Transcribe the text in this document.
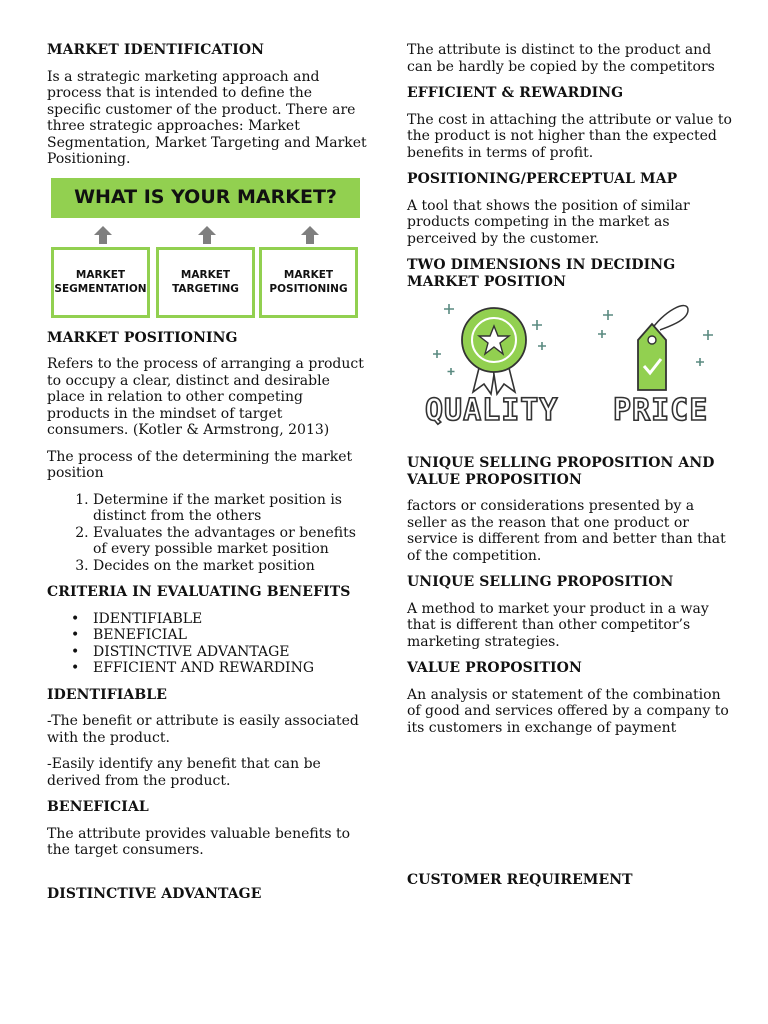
MARKET IDENTIFICATION

Is a strategic marketing approach and process that is intended to define the specific customer of the product. There are three strategic approaches: Market Segmentation, Market Targeting and Market Positioning.

WHAT IS YOUR MARKET?
MARKET SEGMENTATION
MARKET TARGETING
MARKET POSITIONING
MARKET POSITIONING

Refers to the process of arranging a product to occupy a clear, distinct and desirable place in relation to other competing products in the mindset of target consumers. (Kotler & Armstrong, 2013)

The process of the determining the market position

1. Determine if the market position is distinct from the others
2. Evaluates the advantages or benefits of every possible market position
3. Decides on the market position
CRITERIA IN EVALUATING BENEFITS
• IDENTIFIABLE
• BENEFICIAL
• DISTINCTIVE ADVANTAGE
• EFFICIENT AND REWARDING
IDENTIFIABLE

-The benefit or attribute is easily associated with the product.

-Easily identify any benefit that can be derived from the product.

BENEFICIAL

The attribute provides valuable benefits to the target consumers.

DISTINCTIVE ADVANTAGE

The attribute is distinct to the product and can be hardly be copied by the competitors

EFFICIENT & REWARDING

The cost in attaching the attribute or value to the product is not higher than the expected benefits in terms of profit.

POSITIONING/PERCEPTUAL MAP

A tool that shows the position of similar products competing in the market as perceived by the customer.

TWO DIMENSIONS IN DECIDING MARKET POSITION
QUALITY PRICE
UNIQUE SELLING PROPOSITION AND VALUE PROPOSITION

factors or considerations presented by a seller as the reason that one product or service is different from and better than that of the competition.

UNIQUE SELLING PROPOSITION

A method to market your product in a way that is different than other competitor’s marketing strategies.

VALUE PROPOSITION

An analysis or statement of the combination of good and services offered by a company to its customers in exchange of payment

CUSTOMER REQUIREMENT
